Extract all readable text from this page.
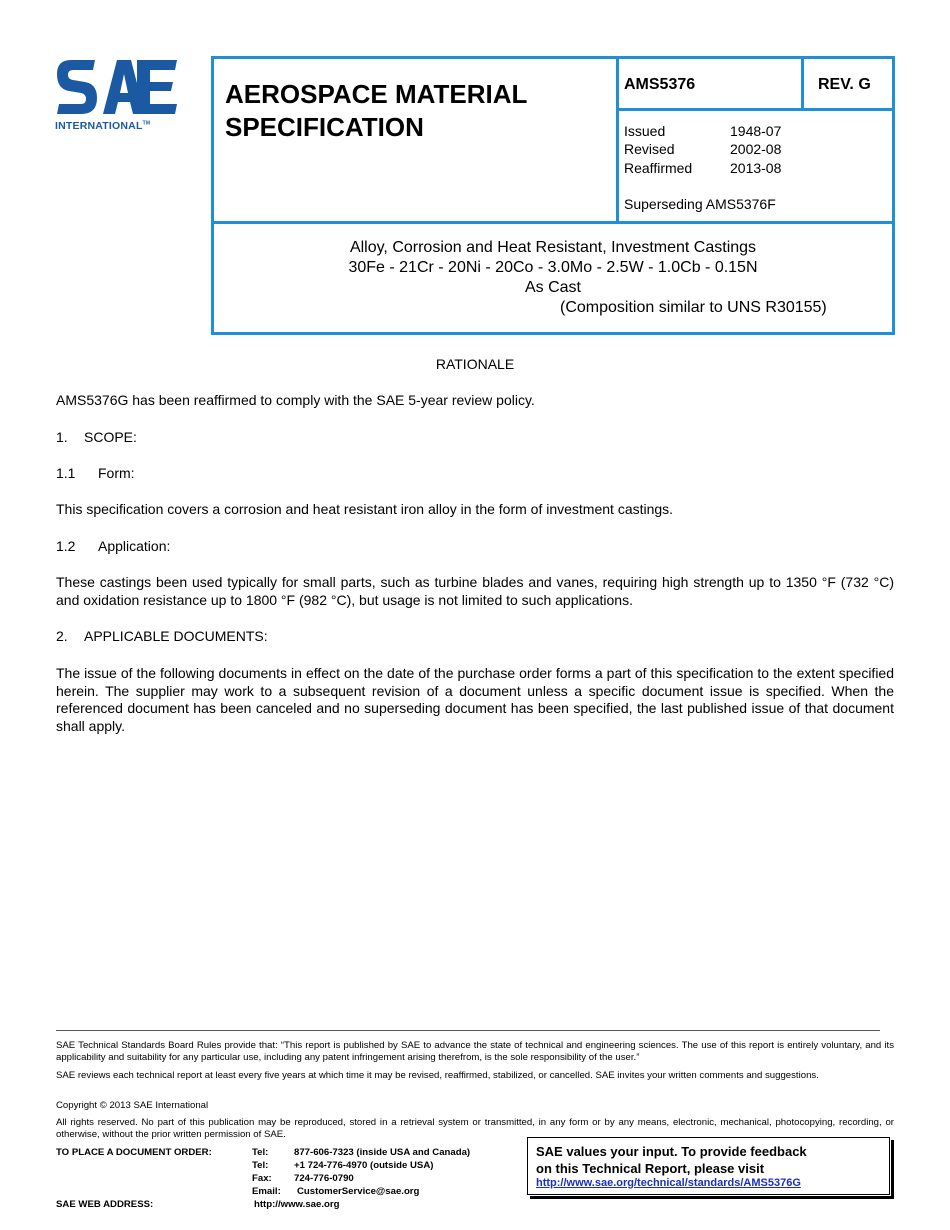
INTERNATIONAL™
AEROSPACE MATERIAL
SPECIFICATION
AMS5376	REV. G
Issued	1948-07
Revised	2002-08
Reaffirmed	2013-08
Superseding AMS5376F
Alloy, Corrosion and Heat Resistant, Investment Castings
30Fe - 21Cr - 20Ni - 20Co - 3.0Mo - 2.5W - 1.0Cb - 0.15N
As Cast
(Composition similar to UNS R30155)
RATIONALE
AMS5376G has been reaffirmed to comply with the SAE 5-year review policy.
1. SCOPE:
1.1 Form:
This specification covers a corrosion and heat resistant iron alloy in the form of investment castings.
1.2 Application:
These castings been used typically for small parts, such as turbine blades and vanes, requiring high strength up to 1350 °F (732 °C) and oxidation resistance up to 1800 °F (982 °C), but usage is not limited to such applications.
2. APPLICABLE DOCUMENTS:
The issue of the following documents in effect on the date of the purchase order forms a part of this specification to the extent specified herein. The supplier may work to a subsequent revision of a document unless a specific document issue is specified. When the referenced document has been canceled and no superseding document has been specified, the last published issue of that document shall apply.
SAE Technical Standards Board Rules provide that: “This report is published by SAE to advance the state of technical and engineering sciences. The use of this report is entirely voluntary, and its applicability and suitability for any particular use, including any patent infringement arising therefrom, is the sole responsibility of the user.”
SAE reviews each technical report at least every five years at which time it may be revised, reaffirmed, stabilized, or cancelled. SAE invites your written comments and suggestions.
Copyright © 2013 SAE International
All rights reserved. No part of this publication may be reproduced, stored in a retrieval system or transmitted, in any form or by any means, electronic, mechanical, photocopying, recording, or otherwise, without the prior written permission of SAE.
TO PLACE A DOCUMENT ORDER:	Tel:	877-606-7323 (inside USA and Canada)
Tel:	+1 724-776-4970 (outside USA)
Fax: 724-776-0790
Email: CustomerService@sae.org
SAE WEB ADDRESS:	http://www.sae.org
SAE values your input. To provide feedback
on this Technical Report, please visit
http://www.sae.org/technical/standards/AMS5376G
